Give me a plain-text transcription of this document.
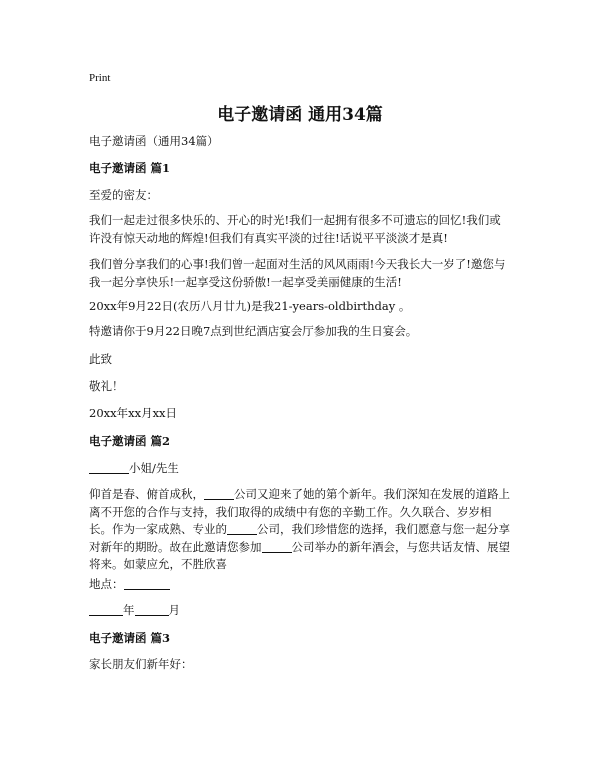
Print
电子邀请函 通用34篇
电子邀请函（通用34篇）
电子邀请函 篇1
至爱的密友：
我们一起走过很多快乐的、开心的时光!我们一起拥有很多不可遗忘的回忆!我们或许没有惊天动地的辉煌!但我们有真实平淡的过往!话说平平淡淡才是真!
我们曾分享我们的心事!我们曾一起面对生活的风风雨雨!今天我长大一岁了!邀您与我一起分享快乐!一起享受这份骄傲!一起享受美丽健康的生活!
20xx年9月22日(农历八月廿九)是我21-years-oldbirthday 。
特邀请你于9月22日晚7点到世纪酒店宴会厅参加我的生日宴会。
此致
敬礼！
20xx年xx月xx日
电子邀请函 篇2
小姐/先生
仰首是春、俯首成秋，	公司又迎来了她的第个新年。我们深知在发展的道路上离不开您的合作与支持，我们取得的成绩中有您的辛勤工作。久久联合、岁岁相长。作为一家成熟、专业的	公司，我们珍惜您的选择，我们愿意与您一起分享对新年的期盼。故在此邀请您参加	公司举办的新年酒会，与您共话友情、展望将来。如蒙应允，不胜欣喜
地点：
年	月
电子邀请函 篇3
家长朋友们新年好：
